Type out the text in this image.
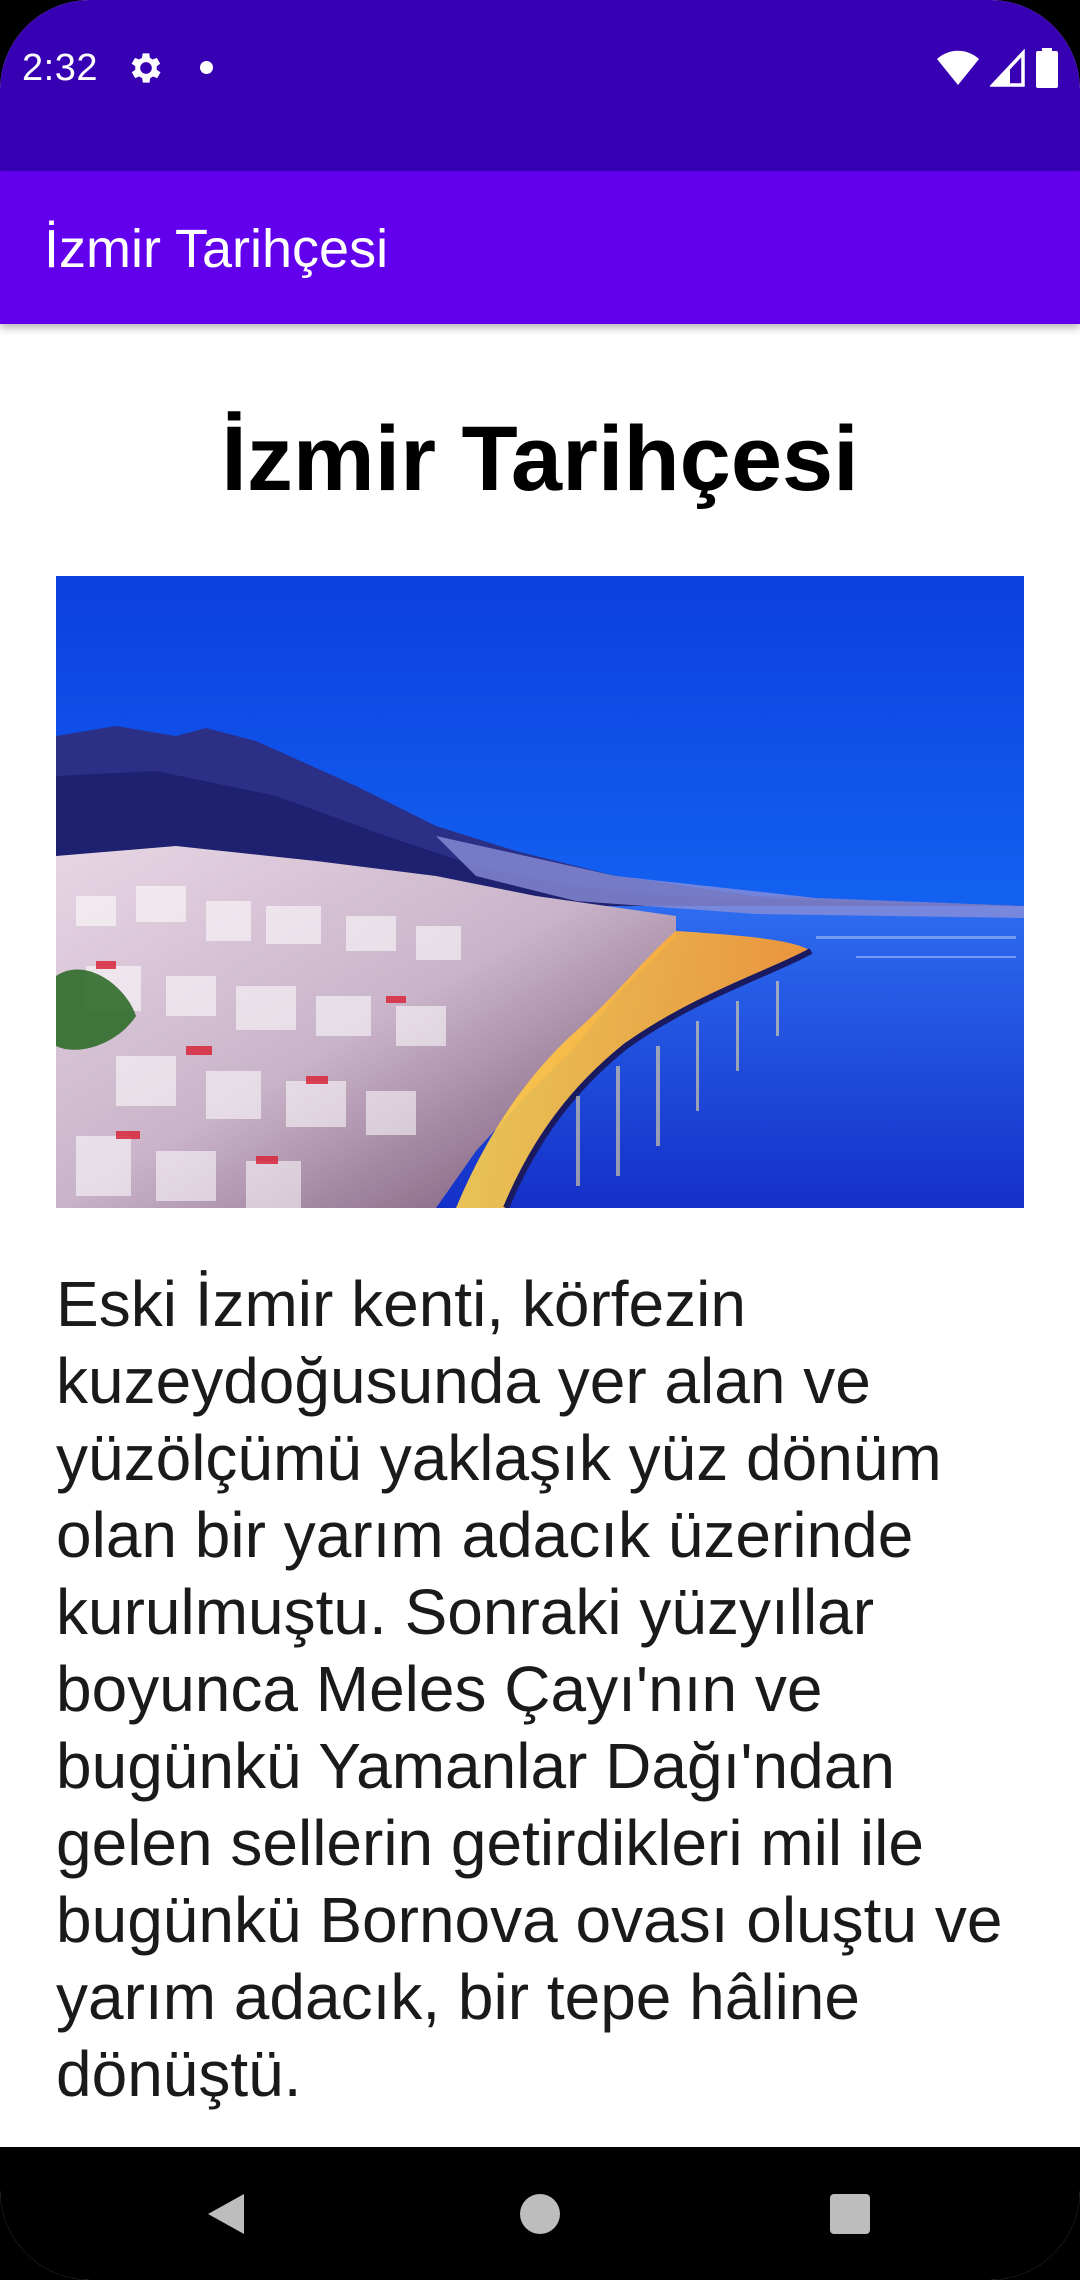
2:32
İzmir Tarihçesi
İzmir Tarihçesi

Eski İzmir kenti, körfezin kuzeydoğusunda yer alan ve yüzölçümü yaklaşık yüz dönüm olan bir yarım adacık üzerinde kurulmuştu. Sonraki yüzyıllar boyunca Meles Çayı'nın ve bugünkü Yamanlar Dağı'ndan gelen sellerin getirdikleri mil ile bugünkü Bornova ovası oluştu ve yarım adacık, bir tepe hâline dönüştü.
